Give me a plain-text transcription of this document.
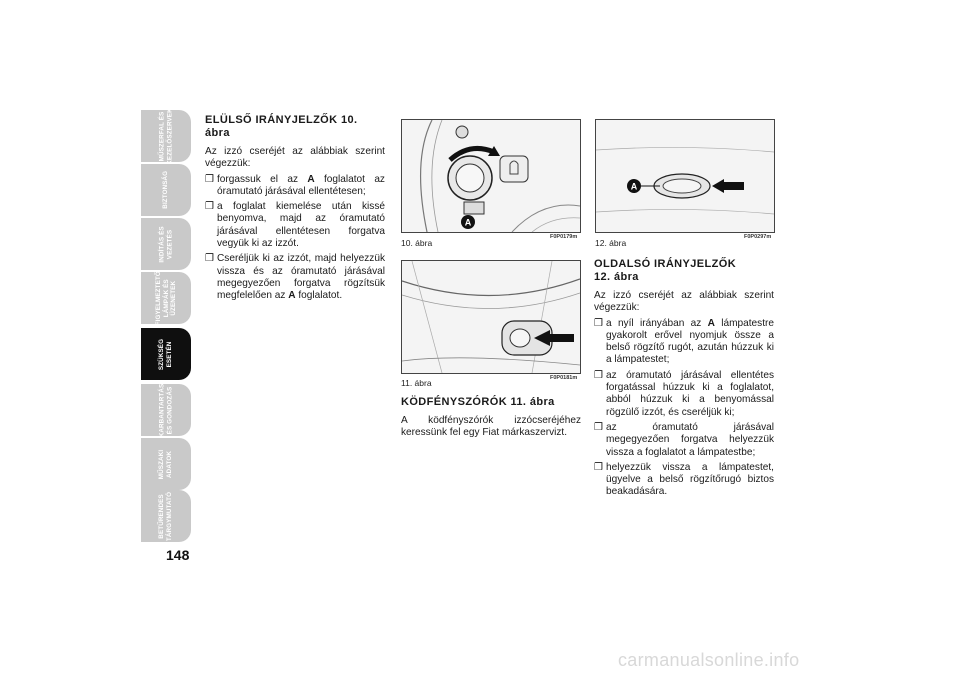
MŰSZERFAL ÉS
KEZELŐSZERVEK
BIZTONSÁG
INDÍTÁS ÉS
VEZETÉS
FIGYELMEZTETŐ
LÁMPÁK ÉS
ÜZENETEK
SZÜKSÉG
ESETÉN
KARBANTARTÁS
ÉS GONDOZÁS
MŰSZAKI
ADATOK
BETŰRENDES
TÁRGYMUTATÓ
148
ELÜLSŐ IRÁNYJELZŐK 10. ábra

Az izzó cseréjét az alábbiak szerint végezzük:

❒ forgassuk el az A foglalatot az óramutató járásával ellentétesen;
❒ a foglalat kiemelése után kissé benyomva, majd az óramutató járásával ellentétesen forgatva vegyük ki az izzót.
❒ Cseréljük ki az izzót, majd helyezzük vissza és az óramutató járásával megegyezően forgatva rögzítsük megfelelően az A foglalatot.
A
10. ábra
F0P0179m
11. ábra	F0P0181m
KÖDFÉNYSZÓRÓK 11. ábra

A ködfényszórók izzócseréjéhez keressünk fel egy Fiat márkaszervizt.

A
12. ábra
F0P0297m
OLDALSÓ IRÁNYJELZŐK
12. ábra

Az izzó cseréjét az alábbiak szerint végezzük:

❒ a nyíl irányában az A lámpatestre gyakorolt erővel nyomjuk össze a belső rögzítő rugót, azután húzzuk ki a lámpatestet;
❒ az óramutató járásával ellentétes forgatással húzzuk ki a foglalatot, abból húzzuk ki a benyomással rögzülő izzót, és cseréljük ki;
❒ az óramutató járásával megegyezően forgatva helyezzük vissza a foglalatot a lámpatestbe;
❒ helyezzük vissza a lámpatestet, ügyelve a belső rögzítőrugó biztos beakadására.
carmanualsonline.info
